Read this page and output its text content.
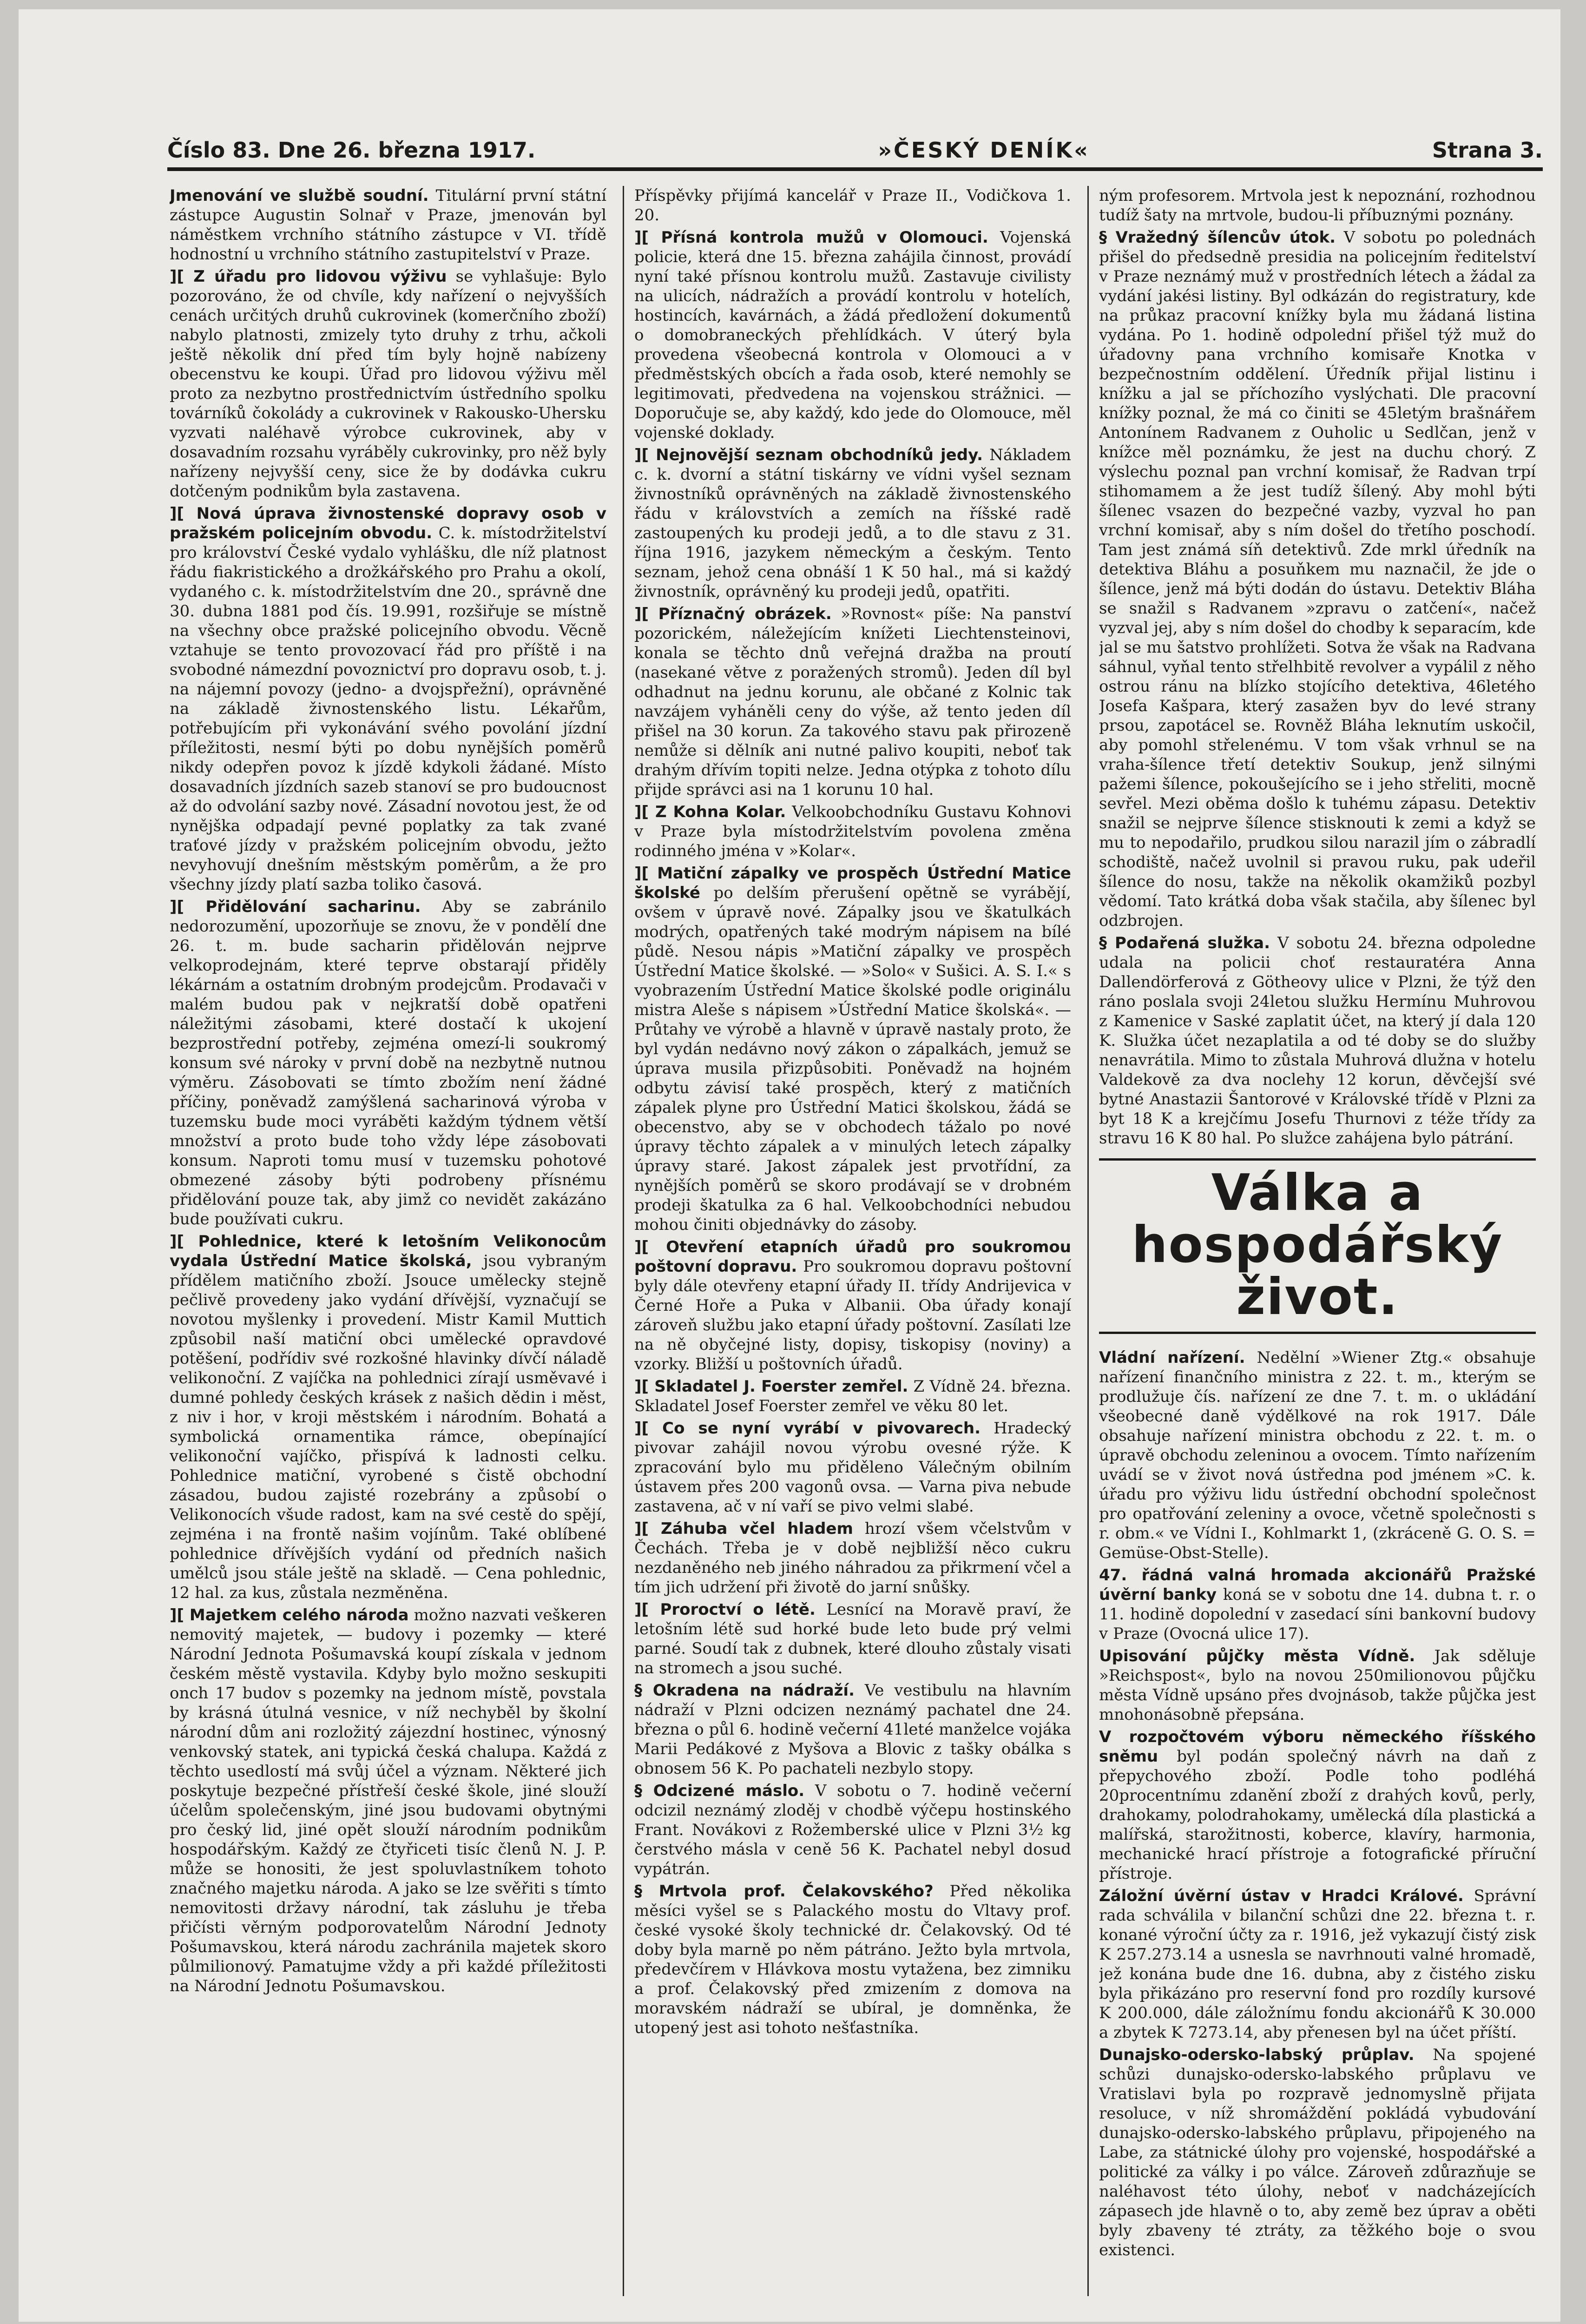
Číslo 83. Dne 26. března 1917.	»ČESKÝ DENÍK«	Strana 3.

Jmenování ve službě soudní. Titulární první státní zástupce Augustin Solnař v Praze, jmenován byl náměstkem vrchního státního zástupce v VI. třídě hodnostní u vrchního státního zastupitelství v Praze.

][ Z úřadu pro lidovou výživu se vyhlašuje: Bylo pozorováno, že od chvíle, kdy nařízení o nejvyšších cenách určitých druhů cukrovinek (komerčního zboží) nabylo platnosti, zmizely tyto druhy z trhu, ačkoli ještě několik dní před tím byly hojně nabízeny obecenstvu ke koupi. Úřad pro lidovou výživu měl proto za nezbytno prostřednictvím ústředního spolku továrníků čokolády a cukrovinek v Rakousko-Uhersku vyzvati naléhavě výrobce cukrovinek, aby v dosavadním rozsahu vyráběly cukrovinky, pro něž byly nařízeny nejvyšší ceny, sice že by dodávka cukru dotčeným podnikům byla zastavena.

][ Nová úprava živnostenské dopravy osob v pražském policejním obvodu. C. k. místodržitelství pro království České vydalo vyhlášku, dle níž platnost řádu fiakristického a drožkářského pro Prahu a okolí, vydaného c. k. místodržitelstvím dne 20., správně dne 30. dubna 1881 pod čís. 19.991, rozšiřuje se místně na všechny obce pražské policejního obvodu. Věcně vztahuje se tento provozovací řád pro příště i na svobodné námezdní povoznictví pro dopravu osob, t. j. na nájemní povozy (jedno- a dvojspřežní), oprávněné na základě živnostenského listu. Lékařům, potřebujícím při vykonávání svého povolání jízdní příležitosti, nesmí býti po dobu nynějších poměrů nikdy odepřen povoz k jízdě kdykoli žádané. Místo dosavadních jízdních sazeb stanoví se pro budoucnost až do odvolání sazby nové. Zásadní novotou jest, že od nynějška odpadají pevné poplatky za tak zvané traťové jízdy v pražském policejním obvodu, ježto nevyhovují dnešním městským poměrům, a že pro všechny jízdy platí sazba toliko časová.

][ Přidělování sacharinu. Aby se zabránilo nedorozumění, upozorňuje se znovu, že v pondělí dne 26. t. m. bude sacharin přidělován nejprve velkoprodejnám, které teprve obstarají přiděly lékárnám a ostatním drobným prodejcům. Prodavači v malém budou pak v nejkratší době opatřeni náležitými zásobami, které dostačí k ukojení bezprostřední potřeby, zejména omezí-li soukromý konsum své nároky v první době na nezbytně nutnou výměru. Zásobovati se tímto zbožím není žádné příčiny, poněvadž zamýšlená sacharinová výroba v tuzemsku bude moci vyráběti každým týdnem větší množství a proto bude toho vždy lépe zásobovati konsum. Naproti tomu musí v tuzemsku pohotové obmezené zásoby býti podrobeny přísnému přidělování pouze tak, aby jimž co nevidět zakázáno bude používati cukru.

][ Pohlednice, které k letošním Velikonocům vydala Ústřední Matice školská, jsou vybraným přídělem matičního zboží. Jsouce umělecky stejně pečlivě provedeny jako vydání dřívější, vyznačují se novotou myšlenky i provedení. Mistr Kamil Muttich způsobil naší matiční obci umělecké opravdové potěšení, podřídiv své rozkošné hlavinky dívčí náladě velikonoční. Z vajíčka na pohlednici zírají usměvavé i dumné pohledy českých krásek z našich dědin i měst, z niv i hor, v kroji městském i národním. Bohatá a symbolická ornamentika rámce, obepínající velikonoční vajíčko, přispívá k ladnosti celku. Pohlednice matiční, vyrobené s čistě obchodní zásadou, budou zajisté rozebrány a způsobí o Velikonocích všude radost, kam na své cestě do spějí, zejména i na frontě našim vojínům. Také oblíbené pohlednice dřívějších vydání od předních našich umělců jsou stále ještě na skladě. — Cena pohlednic, 12 hal. za kus, zůstala nezměněna.

][ Majetkem celého národa možno nazvati veškeren nemovitý majetek, — budovy i pozemky — které Národní Jednota Pošumavská koupí získala v jednom českém městě vystavila. Kdyby bylo možno seskupiti onch 17 budov s pozemky na jednom místě, povstala by krásná útulná vesnice, v níž nechyběl by školní národní dům ani rozložitý zájezdní hostinec, výnosný venkovský statek, ani typická česká chalupa. Každá z těchto usedlostí má svůj účel a význam. Některé jich poskytuje bezpečné přístřeší české škole, jiné slouží účelům společenským, jiné jsou budovami obytnými pro český lid, jiné opět slouží národním podnikům hospodářským. Každý ze čtyřiceti tisíc členů N. J. P. může se honositi, že jest spoluvlastníkem tohoto značného majetku národa. A jako se lze svěřiti s tímto nemovitosti državy národní, tak zásluhu je třeba přičísti věrným podporovatelům Národní Jednoty Pošumavskou, která národu zachránila majetek skoro půlmilionový. Pamatujme vždy a při každé příležitosti na Národní Jednotu Pošumavskou.

Příspěvky přijímá kancelář v Praze II., Vodičkova 1. 20.

][ Přísná kontrola mužů v Olomouci. Vojenská policie, která dne 15. března zahájila činnost, provádí nyní také přísnou kontrolu mužů. Zastavuje civilisty na ulicích, nádražích a provádí kontrolu v hotelích, hostincích, kavárnách, a žádá předložení dokumentů o domobraneckých přehlídkách. V úterý byla provedena všeobecná kontrola v Olomouci a v předměstských obcích a řada osob, které nemohly se legitimovati, předvedena na vojenskou strážnici. — Doporučuje se, aby každý, kdo jede do Olomouce, měl vojenské doklady.

][ Nejnovější seznam obchodníků jedy. Nákladem c. k. dvorní a státní tiskárny ve vídni vyšel seznam živnostníků oprávněných na základě živnostenského řádu v královstvích a zemích na říšské radě zastoupených ku prodeji jedů, a to dle stavu z 31. října 1916, jazykem německým a českým. Tento seznam, jehož cena obnáší 1 K 50 hal., má si každý živnostník, oprávněný ku prodeji jedů, opatřiti.

][ Příznačný obrázek. »Rovnost« píše: Na panství pozorickém, náležejícím knížeti Liechtensteinovi, konala se těchto dnů veřejná dražba na proutí (nasekané větve z poražených stromů). Jeden díl byl odhadnut na jednu korunu, ale občané z Kolnic tak navzájem vyháněli ceny do výše, až tento jeden díl přišel na 30 korun. Za takového stavu pak přirozeně nemůže si dělník ani nutné palivo koupiti, neboť tak drahým dřívím topiti nelze. Jedna otýpka z tohoto dílu přijde správci asi na 1 korunu 10 hal.

][ Z Kohna Kolar. Velkoobchodníku Gustavu Kohnovi v Praze byla místodržitelstvím povolena změna rodinného jména v »Kolar«.

][ Matiční zápalky ve prospěch Ústřední Matice školské po delším přerušení opětně se vyrábějí, ovšem v úpravě nové. Zápalky jsou ve škatulkách modrých, opatřených také modrým nápisem na bílé půdě. Nesou nápis »Matiční zápalky ve prospěch Ústřední Matice školské. — »Solo« v Sušici. A. S. I.« s vyobrazením Ústřední Matice školské podle originálu mistra Aleše s nápisem »Ústřední Matice školská«. — Průtahy ve výrobě a hlavně v úpravě nastaly proto, že byl vydán nedávno nový zákon o zápalkách, jemuž se úprava musila přizpůsobiti. Poněvadž na hojném odbytu závisí také prospěch, který z matičních zápalek plyne pro Ústřední Matici školskou, žádá se obecenstvo, aby se v obchodech tážalo po nové úpravy těchto zápalek a v minulých letech zápalky úpravy staré. Jakost zápalek jest prvotřídní, za nynějších poměrů se skoro prodávají se v drobném prodeji škatulka za 6 hal. Velkoobchodníci nebudou mohou činiti objednávky do zásoby.

][ Otevření etapních úřadů pro soukromou poštovní dopravu. Pro soukromou dopravu poštovní byly dále otevřeny etapní úřady II. třídy Andrijevica v Černé Hoře a Puka v Albanii. Oba úřady konají zároveň službu jako etapní úřady poštovní. Zasílati lze na ně obyčejné listy, dopisy, tiskopisy (noviny) a vzorky. Bližší u poštovních úřadů.

][ Skladatel J. Foerster zemřel. Z Vídně 24. března. Skladatel Josef Foerster zemřel ve věku 80 let.

][ Co se nyní vyrábí v pivovarech. Hradecký pivovar zahájil novou výrobu ovesné rýže. K zpracování bylo mu přiděleno Válečným obilním ústavem přes 200 vagonů ovsa. — Varna piva nebude zastavena, ač v ní vaří se pivo velmi slabé.

][ Záhuba včel hladem hrozí všem včelstvům v Čechách. Třeba je v době nejbližší něco cukru nezdaněného neb jiného náhradou za přikrmení včel a tím jich udržení při životě do jarní snůšky.

][ Proroctví o létě. Lesnící na Moravě praví, že letošním létě sud horké bude leto bude prý velmi parné. Soudí tak z dubnek, které dlouho zůstaly visati na stromech a jsou suché.

§ Okradena na nádraží. Ve vestibulu na hlavním nádraží v Plzni odcizen neznámý pachatel dne 24. března o půl 6. hodině večerní 41leté manželce vojáka Marii Pedákové z Myšova a Blovic z tašky obálka s obnosem 56 K. Po pachateli nezbylo stopy.

§ Odcizené máslo. V sobotu o 7. hodině večerní odcizil neznámý zloděj v chodbě výčepu hostinského Frant. Novákovi z Rožemberské ulice v Plzni 3½ kg čerstvého másla v ceně 56 K. Pachatel nebyl dosud vypátrán.

§ Mrtvola prof. Čelakovského? Před několika měsíci vyšel se s Palackého mostu do Vltavy prof. české vysoké školy technické dr. Čelakovský. Od té doby byla marně po něm pátráno. Ježto byla mrtvola, předevčírem v Hlávkova mostu vytažena, bez zimniku a prof. Čelakovský před zmizením z domova na moravském nádraží se ubíral, je domněnka, že utopený jest asi tohoto nešťastníka.

ným profesorem. Mrtvola jest k nepoznání, rozhodnou tudíž šaty na mrtvole, budou-li příbuznými poznány.

§ Vražedný šílencův útok. V sobotu po polednách přišel do předsedně presidia na policejním ředitelství v Praze neznámý muž v prostředních létech a žádal za vydání jakési listiny. Byl odkázán do registratury, kde na průkaz pracovní knížky byla mu žádaná listina vydána. Po 1. hodině odpolední přišel týž muž do úřadovny pana vrchního komisaře Knotka v bezpečnostním oddělení. Úředník přijal listinu i knížku a jal se příchozího vyslýchati. Dle pracovní knížky poznal, že má co činiti se 45letým brašnářem Antonínem Radvanem z Ouholic u Sedlčan, jenž v knížce měl poznámku, že jest na duchu chorý. Z výslechu poznal pan vrchní komisař, že Radvan trpí stihomamem a že jest tudíž šílený. Aby mohl býti šílenec vsazen do bezpečné vazby, vyzval ho pan vrchní komisař, aby s ním došel do třetího poschodí. Tam jest známá síň detektivů. Zde mrkl úředník na detektiva Bláhu a posuňkem mu naznačil, že jde o šílence, jenž má býti dodán do ústavu. Detektiv Bláha se snažil s Radvanem »zpravu o zatčení«, načež vyzval jej, aby s ním došel do chodby k separacím, kde jal se mu šatstvo prohlížeti. Sotva že však na Radvana sáhnul, vyňal tento střelhbitě revolver a vypálil z něho ostrou ránu na blízko stojícího detektiva, 46letého Josefa Kašpara, který zasažen byv do levé strany prsou, zapotácel se. Rovněž Bláha leknutím uskočil, aby pomohl střelenému. V tom však vrhnul se na vraha-šílence třetí detektiv Soukup, jenž silnými pažemi šílence, pokoušejícího se i jeho střeliti, mocně sevřel. Mezi oběma došlo k tuhému zápasu. Detektiv snažil se nejprve šílence stisknouti k zemi a když se mu to nepodařilo, prudkou silou narazil jím o zábradlí schodiště, načež uvolnil si pravou ruku, pak udeřil šílence do nosu, takže na několik okamžiků pozbyl vědomí. Tato krátká doba však stačila, aby šílenec byl odzbrojen.

§ Podařená služka. V sobotu 24. března odpoledne udala na policii choť restauratéra Anna Dallendörferová z Götheovy ulice v Plzni, že týž den ráno poslala svoji 24letou služku Hermínu Muhrovou z Kamenice v Saské zaplatit účet, na který jí dala 120 K. Služka účet nezaplatila a od té doby se do služby nenavrátila. Mimo to zůstala Muhrová dlužna v hotelu Valdekově za dva noclehy 12 korun, děvčejší své bytné Anastazii Šantorové v Královské třídě v Plzni za byt 18 K a krejčímu Josefu Thurnovi z téže třídy za stravu 16 K 80 hal. Po služce zahájena bylo pátrání.

Válka a hospodářský
život.

Vládní nařízení. Nedělní »Wiener Ztg.« obsahuje nařízení finančního ministra z 22. t. m., kterým se prodlužuje čís. nařízení ze dne 7. t. m. o ukládání všeobecné daně výdělkové na rok 1917. Dále obsahuje nařízení ministra obchodu z 22. t. m. o úpravě obchodu zeleninou a ovocem. Tímto nařízením uvádí se v život nová ústředna pod jménem »C. k. úřadu pro výživu lidu ústřední obchodní společnost pro opatřování zeleniny a ovoce, včetně společnosti s r. obm.« ve Vídni I., Kohlmarkt 1, (zkráceně G. O. S. = Gemüse-Obst-Stelle).

47. řádná valná hromada akcionářů Pražské úvěrní banky koná se v sobotu dne 14. dubna t. r. o 11. hodině dopolední v zasedací síni bankovní budovy v Praze (Ovocná ulice 17).

Upisování půjčky města Vídně. Jak sděluje »Reichspost«, bylo na novou 250milionovou půjčku města Vídně upsáno přes dvojnásob, takže půjčka jest mnohonásobně přepsána.

V rozpočtovém výboru německého říšského sněmu byl podán společný návrh na daň z přepychového zboží. Podle toho podléhá 20procentnímu zdanění zboží z drahých kovů, perly, drahokamy, polodrahokamy, umělecká díla plastická a malířská, starožitnosti, koberce, klavíry, harmonia, mechanické hrací přístroje a fotografické příruční přístroje.

Záložní úvěrní ústav v Hradci Králové. Správní rada schválila v bilanční schůzi dne 22. března t. r. konané výroční účty za r. 1916, jež vykazují čistý zisk K 257.273.14 a usnesla se navrhnouti valné hromadě, jež konána bude dne 16. dubna, aby z čistého zisku byla přikázáno pro reservní fond pro rozdíly kursové K 200.000, dále záložnímu fondu akcionářů K 30.000 a zbytek K 7273.14, aby přenesen byl na účet příští.

Dunajsko-odersko-labský průplav. Na spojené schůzi dunajsko-odersko-labského průplavu ve Vratislavi byla po rozpravě jednomyslně přijata resoluce, v níž shromáždění pokládá vybudování dunajsko-odersko-labského průplavu, připojeného na Labe, za státnické úlohy pro vojenské, hospodářské a politické za války i po válce. Zároveň zdůrazňuje se naléhavost této úlohy, neboť v nadcházejících zápasech jde hlavně o to, aby země bez úprav a oběti byly zbaveny té ztráty, za těžkého boje o svou existenci.
